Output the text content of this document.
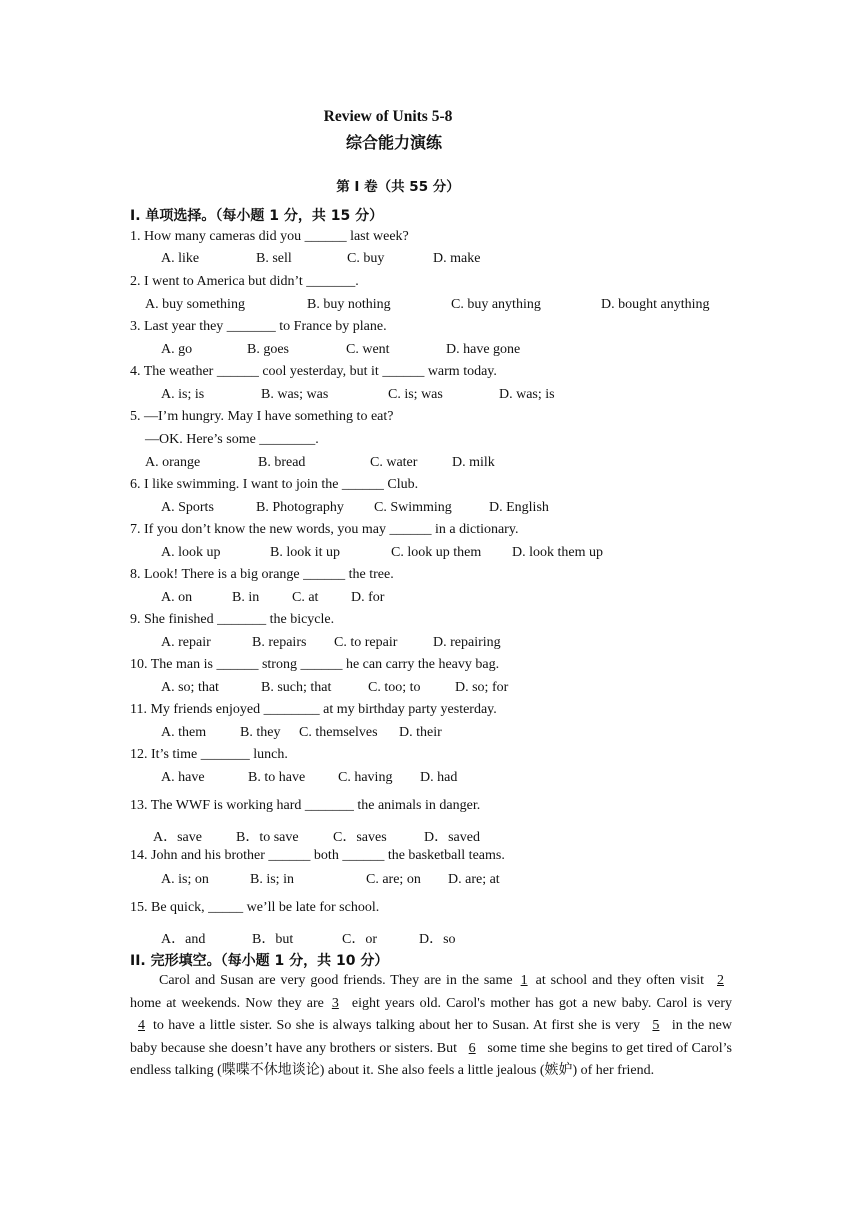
Review of Units 5-8
综合能力演练
第 I 卷（共 55 分）
I. 单项选择。（每小题 1 分，共 15 分）
1. How many cameras did you ______ last week?
A. like	B. sell	C. buy	D. make
2. I went to America but didn’t _______.
A. buy something	B. buy nothing	C. buy anything	D. bought anything
3. Last year they _______ to France by plane.
A. go	B. goes	C. went	D. have gone
4. The weather ______ cool yesterday, but it ______ warm today.
A. is; is	B. was; was	C. is; was	D. was; is
5. —I’m hungry. May I have something to eat?
—OK. Here’s some ________.
A. orange	B. bread	C. water D. milk
6. I like swimming. I want to join the ______ Club.
A. Sports	B. Photography C. Swimming	D. English
7. If you don’t know the new words, you may ______ in a dictionary.
A. look up	B. look it up	C. look up them D. look them up
8. Look! There is a big orange ______ the tree.
A. on	B. in C. at D. for
9. She finished _______ the bicycle.
A. repair	B. repairs C. to repair	D. repairing
10. The man is ______ strong ______ he can carry the heavy bag.
A. so; that	B. such; that	C. too; to D. so; for
11. My friends enjoyed ________ at my birthday party yesterday.
A. them B. they C. themselves D. their
12. It’s time _______ lunch.
A. have	B. to have C. having D. had
13. The WWF is working hard _______ the animals in danger.
A．save B．to save C．saves	D．saved
14. John and his brother ______ both ______ the basketball teams.
A. is; on	B. is; in	C. are; on D. are; at
15. Be quick, _____ we’ll be late for school.
A．and	B．but	C．or	D．so
II. 完形填空。（每小题 1 分，共 10 分）
Carol and Susan are very good friends. They are in the same 1 at school and they often visit 2 home at weekends. Now they are 3 eight years old. Carol's mother has got a new baby. Carol is very 4 to have a little sister. So she is always talking about her to Susan. At first she is very 5 in the new baby because she doesn’t have any brothers or sisters. But 6 some time she begins to get tired of Carol’s endless talking (喋喋不休地谈论) about it. She also feels a little jealous (嫉妒) of her friend.
